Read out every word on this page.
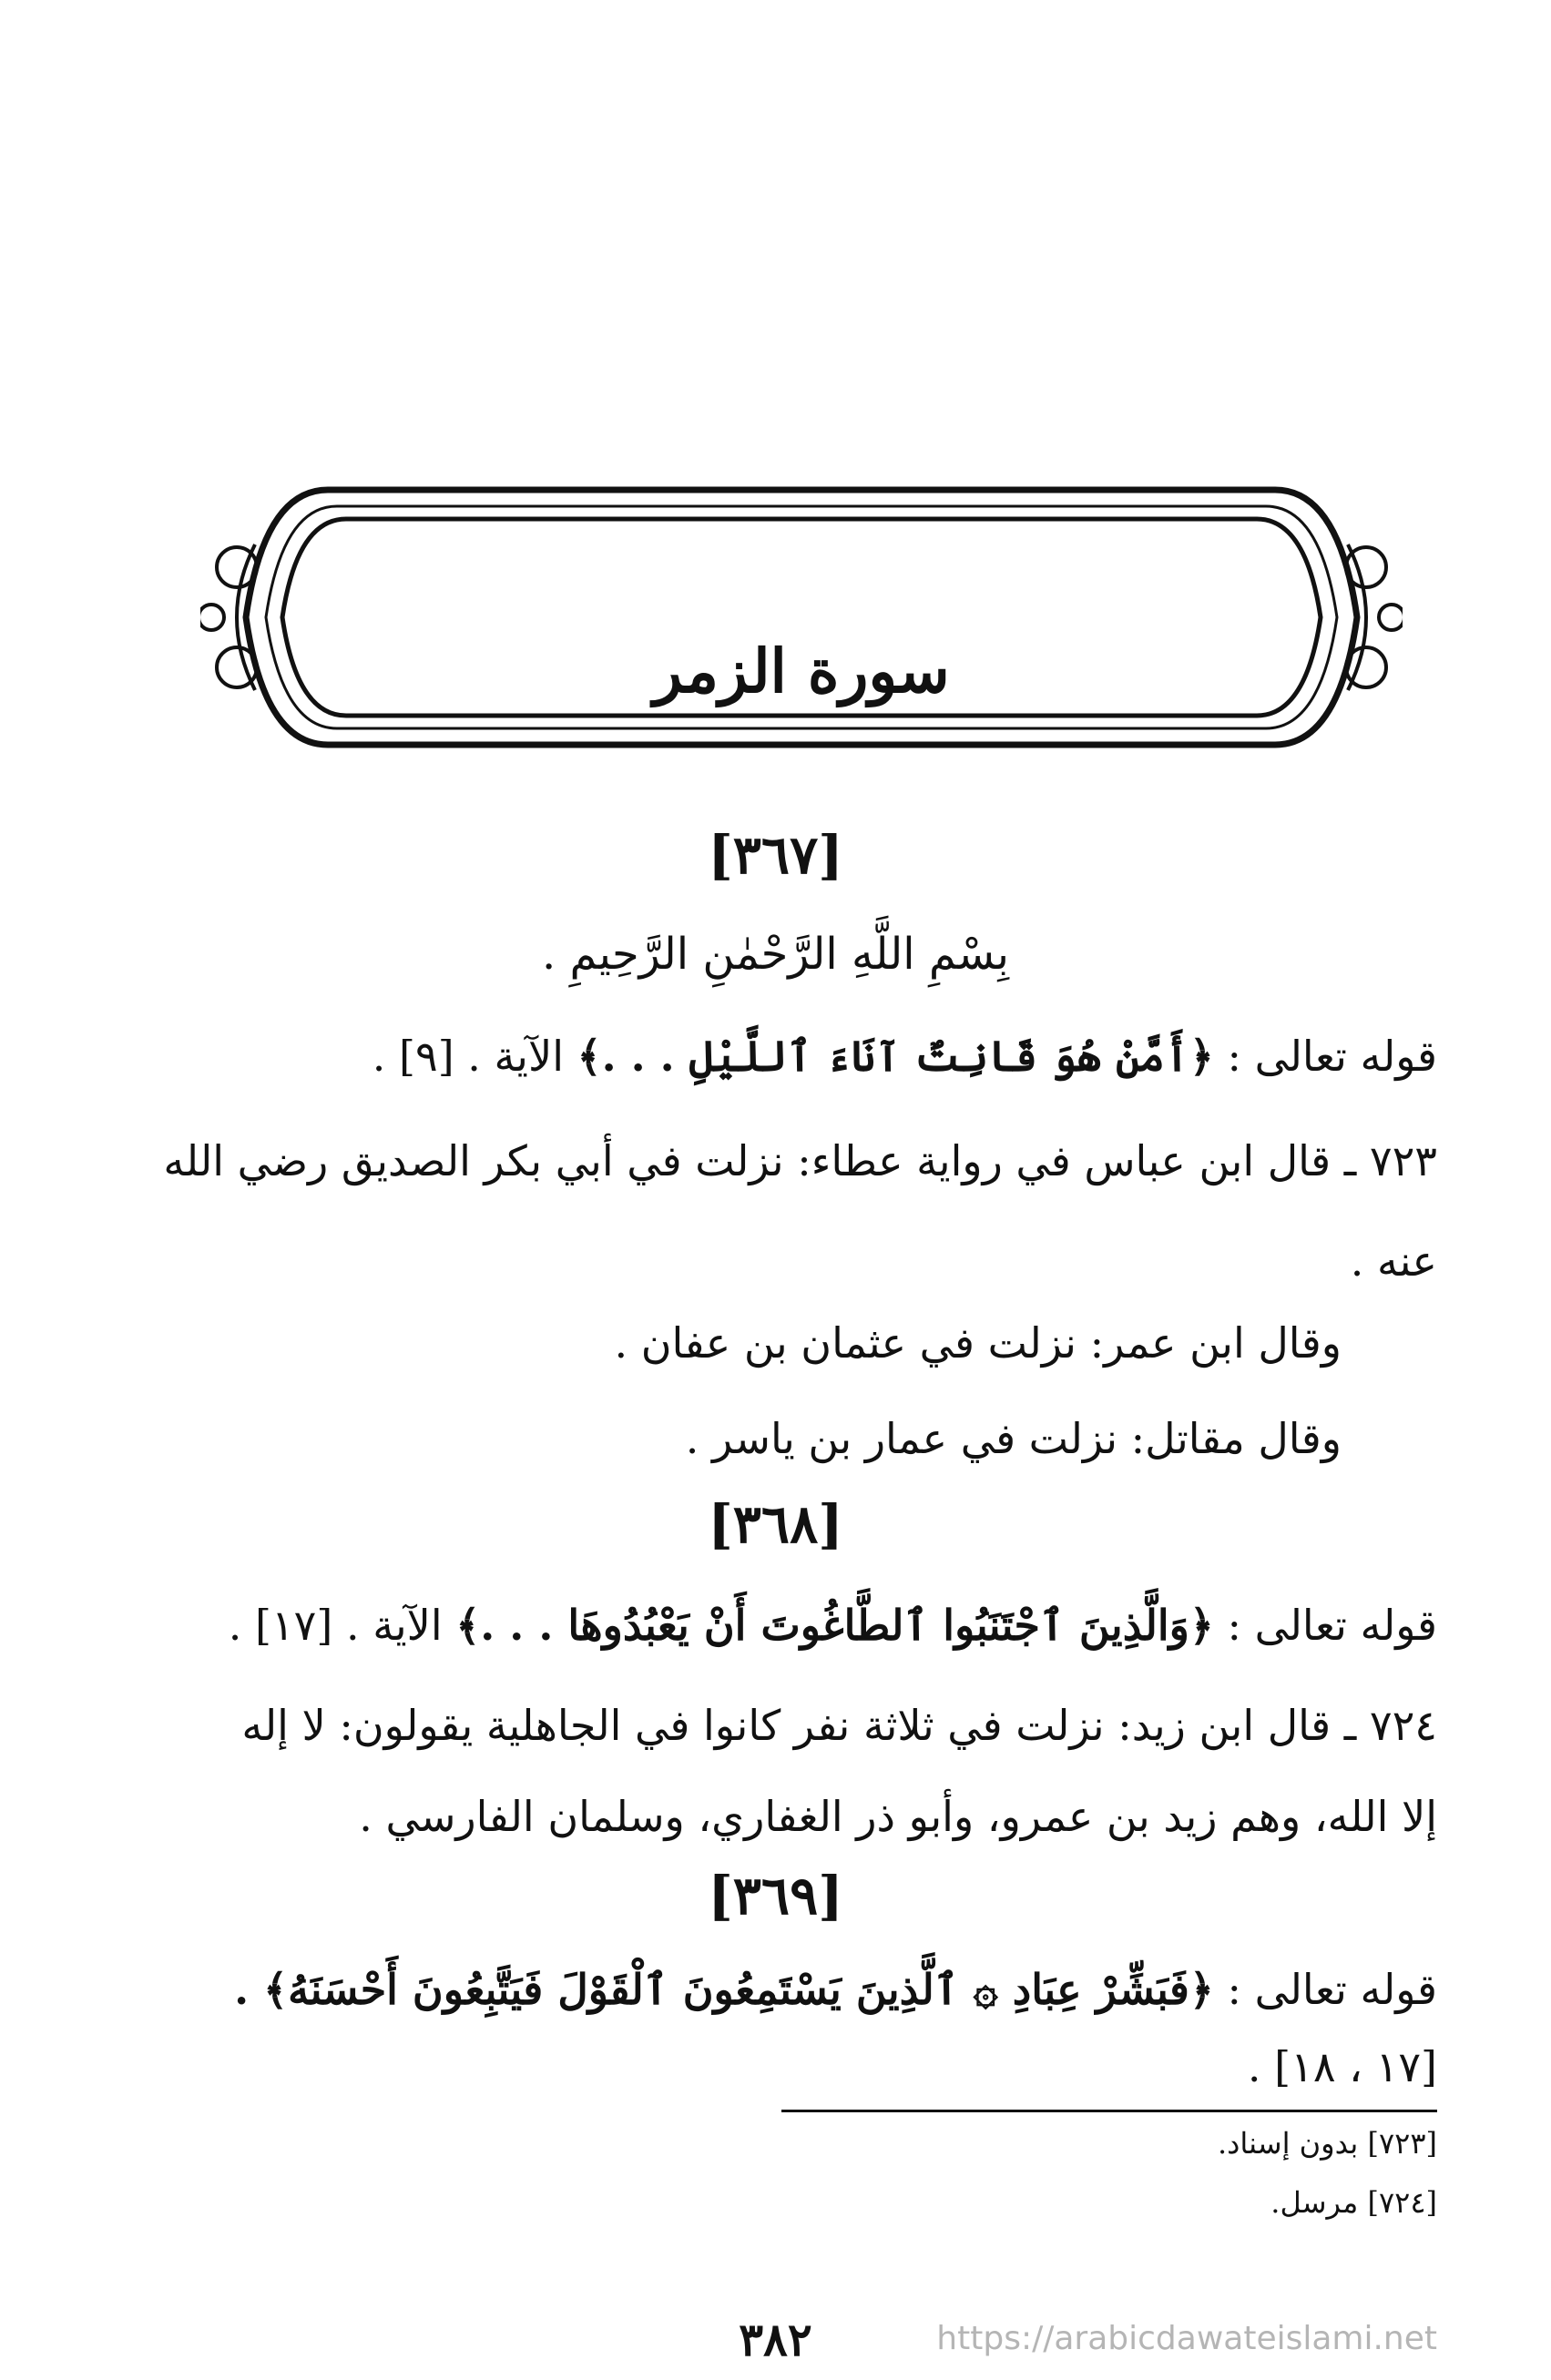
سورة الزمر
[٣٦٧]
بِسْمِ اللَّهِ الرَّحْمٰنِ الرَّحِيمِ .
قوله تعالى : ﴿أَمَّنْ هُوَ قَانِتٌ آنَاءَ ٱللَّيْلِ . . .﴾ الآية . [٩] .
٧٢٣ ـ قال ابن عباس في رواية عطاء: نزلت في أبي بكر الصديق رضي الله
عنه .
وقال ابن عمر: نزلت في عثمان بن عفان .
وقال مقاتل: نزلت في عمار بن ياسر .
[٣٦٨]
قوله تعالى : ﴿وَالَّذِينَ ٱجْتَنَبُوا ٱلطَّاغُوتَ أَنْ يَعْبُدُوهَا . . .﴾ الآية . [١٧] .
٧٢٤ ـ قال ابن زيد: نزلت في ثلاثة نفر كانوا في الجاهلية يقولون: لا إله
إلا الله، وهم زيد بن عمرو، وأبو ذر الغفاري، وسلمان الفارسي .
[٣٦٩]
قوله تعالى : ﴿فَبَشِّرْ عِبَادِ ۞ ٱلَّذِينَ يَسْتَمِعُونَ ٱلْقَوْلَ فَيَتَّبِعُونَ أَحْسَنَهُ﴾ .
[١٧ ، ١٨] .
[٧٢٣] بدون إسناد.
[٧٢٤] مرسل.
٣٨٢	https://arabicdawateislami.net
